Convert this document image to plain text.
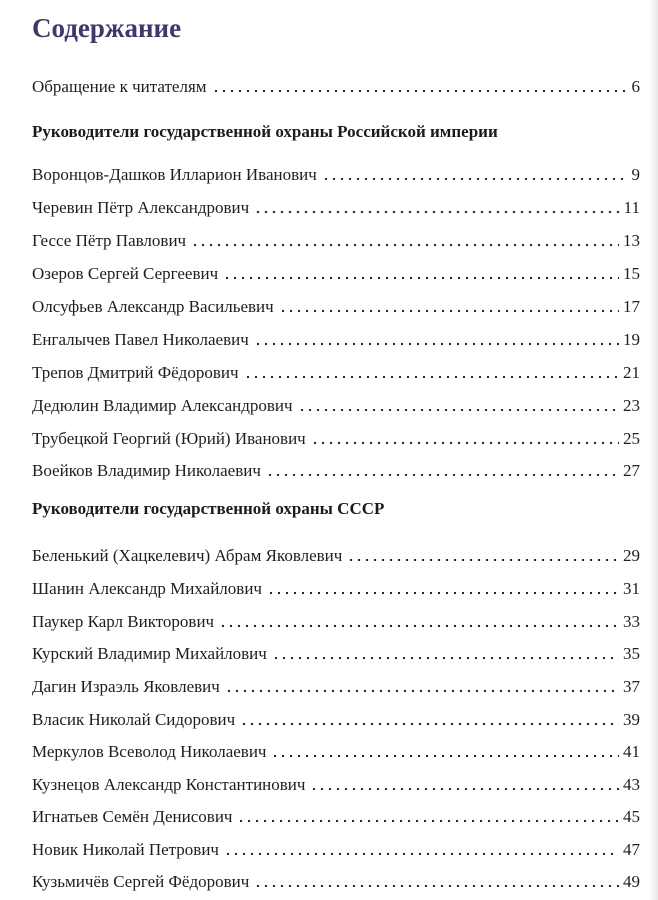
Содержание
Обращение к читателям	6
Руководители государственной охраны Российской империи
Воронцов-Дашков Илларион Иванович	9
Черевин Пётр Александрович	11
Гессе Пётр Павлович	13
Озеров Сергей Сергеевич	15
Олсуфьев Александр Васильевич	17
Енгалычев Павел Николаевич	19
Трепов Дмитрий Фёдорович	21
Дедюлин Владимир Александрович	23
Трубецкой Георгий (Юрий) Иванович	25
Воейков Владимир Николаевич	27
Руководители государственной охраны СССР
Беленький (Хацкелевич) Абрам Яковлевич	29
Шанин Александр Михайлович	31
Паукер Карл Викторович	33
Курский Владимир Михайлович	35
Дагин Израэль Яковлевич	37
Власик Николай Сидорович	39
Меркулов Всеволод Николаевич	41
Кузнецов Александр Константинович	43
Игнатьев Семён Денисович	45
Новик Николай Петрович	47
Кузьмичёв Сергей Фёдорович	49
